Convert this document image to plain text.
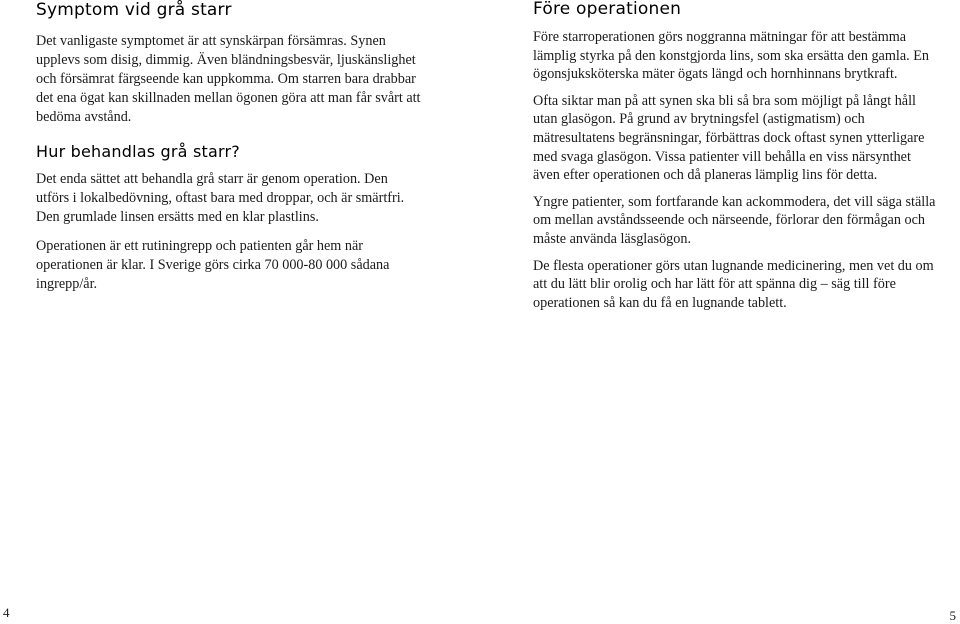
Symptom vid grå starr

Det vanligaste symptomet är att synskärpan försämras. Synen upplevs som disig, dimmig. Även bländningsbesvär, ljuskänslighet och försämrat färgseende kan uppkomma. Om starren bara drabbar det ena ögat kan skillnaden mellan ögonen göra att man får svårt att bedöma avstånd.

Hur behandlas grå starr?

Det enda sättet att behandla grå starr är genom operation. Den utförs i lokalbedövning, oftast bara med droppar, och är smärtfri. Den grumlade linsen ersätts med en klar plastlins.

Operationen är ett rutiningrepp och patienten går hem när operationen är klar. I Sverige görs cirka 70 000-80 000 sådana ingrepp/år.

Före operationen

Före starroperationen görs noggranna mätningar för att bestämma lämplig styrka på den konstgjorda lins, som ska ersätta den gamla. En ögonsjuksköterska mäter ögats längd och hornhinnans brytkraft.

Ofta siktar man på att synen ska bli så bra som möjligt på långt håll utan glasögon. På grund av brytningsfel (astigmatism) och mätresultatens begränsningar, förbättras dock oftast synen ytterligare med svaga glasögon. Vissa patienter vill behålla en viss närsynthet även efter operationen och då planeras lämplig lins för detta.

Yngre patienter, som fortfarande kan ackommodera, det vill säga ställa om mellan avståndsseende och närseende, förlorar den förmågan och måste använda läsglasögon.

De flesta operationer görs utan lugnande medicinering, men vet du om att du lätt blir orolig och har lätt för att spänna dig – säg till före operationen så kan du få en lugnande tablett.

4	5
